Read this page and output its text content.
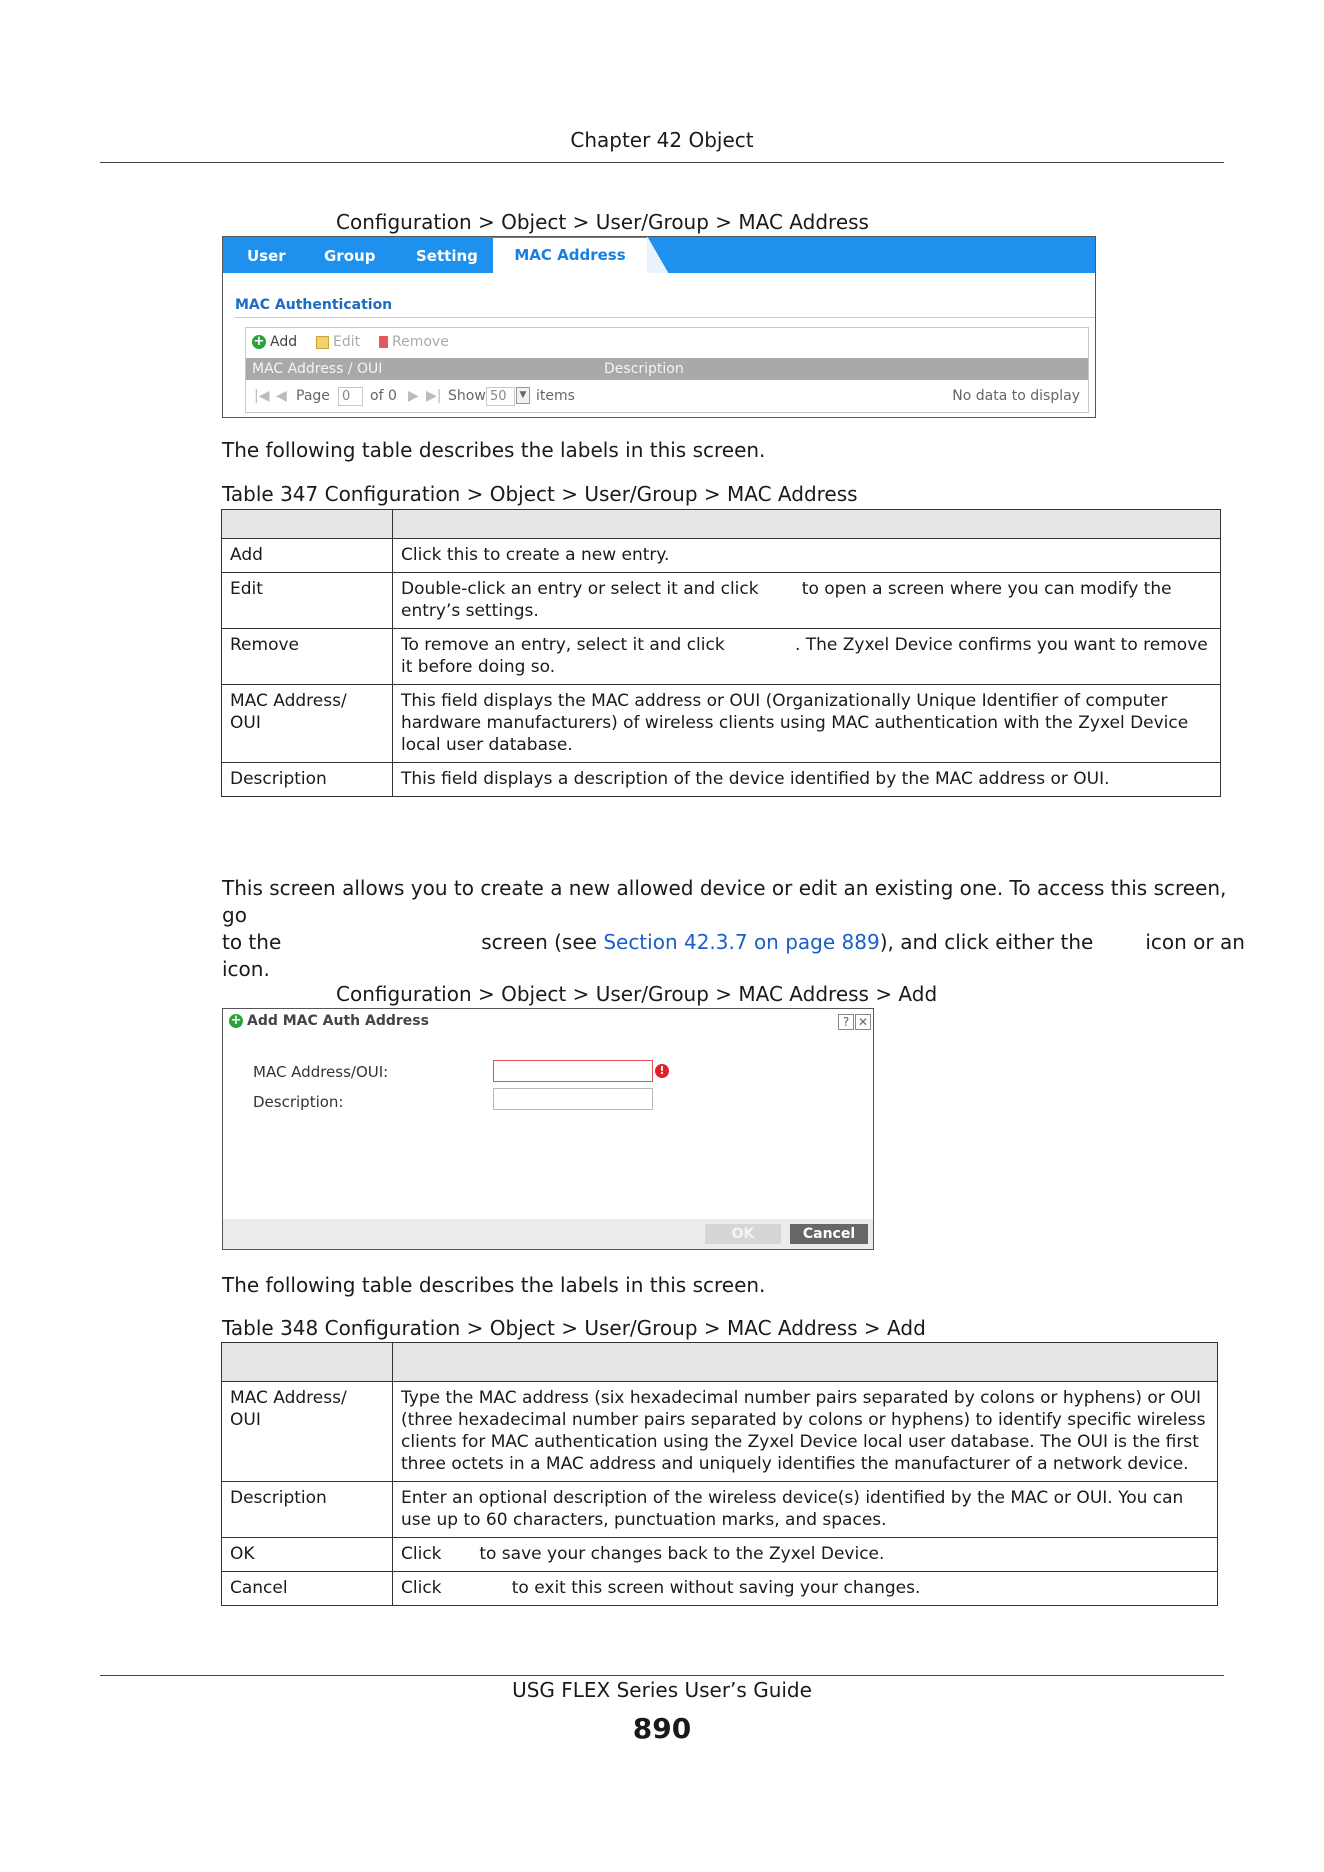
Chapter 42 Object
Configuration > Object > User/Group > MAC Address
User	Group	Setting	MAC Address
MAC Authentication
+ Add	Edit	Remove
MAC Address / OUI	Description
|◀ ◀ Page 0	of 0 ▶ ▶| Show 50	▼ items	No data to display
The following table describes the labels in this screen.
Table 347 Configuration > Object > User/Group > MAC Address

Add	Click this to create a new entry.
Edit	Double-click an entry or select it and click        to open a screen where you can modify the entry’s settings.
Remove	To remove an entry, select it and click             . The Zyxel Device confirms you want to remove it before doing so.
MAC Address/ OUI	This field displays the MAC address or OUI (Organizationally Unique Identifier of computer hardware manufacturers) of wireless clients using MAC authentication with the Zyxel Device local user database.
Description	This field displays a description of the device identified by the MAC address or OUI.
This screen allows you to create a new allowed device or edit an existing one. To access this screen, go
to the	screen (see Section 42.3.7 on page 889), and click either the	icon or an
icon.
Configuration > Object > User/Group > MAC Address > Add
+ Add MAC Auth Address	? ✕
MAC Address/OUI:	!
Description:
OK	Cancel
The following table describes the labels in this screen.
Table 348 Configuration > Object > User/Group > MAC Address > Add

MAC Address/ OUI	Type the MAC address (six hexadecimal number pairs separated by colons or hyphens) or OUI (three hexadecimal number pairs separated by colons or hyphens) to identify specific wireless clients for MAC authentication using the Zyxel Device local user database. The OUI is the first three octets in a MAC address and uniquely identifies the manufacturer of a network device.
Description	Enter an optional description of the wireless device(s) identified by the MAC or OUI. You can use up to 60 characters, punctuation marks, and spaces.
OK	Click       to save your changes back to the Zyxel Device.
Cancel	Click             to exit this screen without saving your changes.
USG FLEX Series User’s Guide
890
